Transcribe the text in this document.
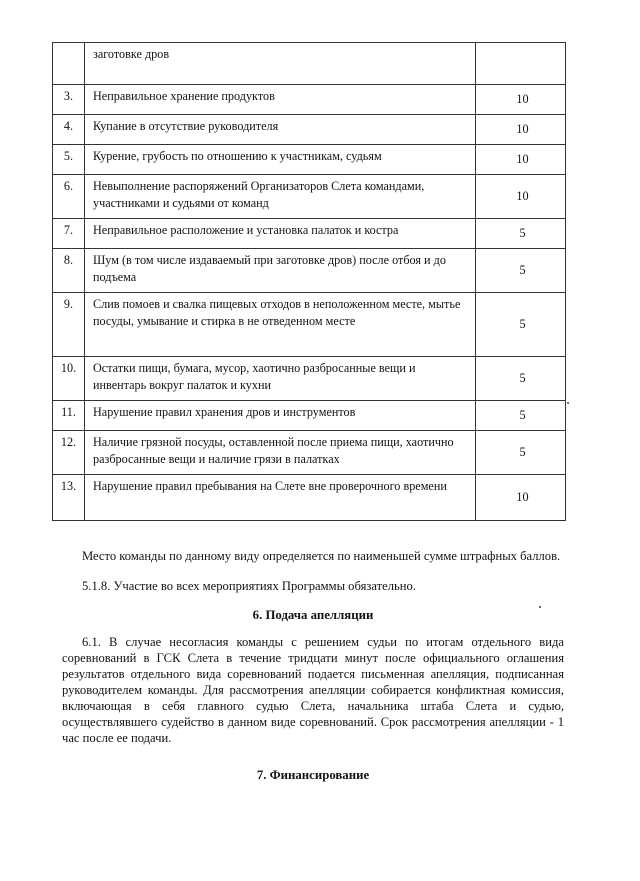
	заготовке дров	
3.	Неправильное хранение продуктов	10
4.	Купание в отсутствие руководителя	10
5.	Курение, грубость по отношению к участникам, судьям	10
6.	Невыполнение распоряжений Организаторов Слета командами, участниками и судьями от команд	10
7.	Неправильное расположение и установка палаток и костра	5
8.	Шум (в том числе издаваемый при заготовке дров) после отбоя и до подъема	5
9.	Слив помоев и свалка пищевых отходов в неположенном месте, мытье посуды, умывание и стирка в не отведенном месте	5
10.	Остатки пищи, бумага, мусор, хаотично разбросанные вещи и инвентарь вокруг палаток и кухни	5
11.	Нарушение правил хранения дров и инструментов	5
12.	Наличие грязной посуды, оставленной после приема пищи, хаотично разбросанные вещи и наличие грязи в палатках	5
13.	Нарушение правил пребывания на Слете вне проверочного времени	10

Место команды по данному виду определяется по наименьшей сумме штрафных баллов.

5.1.8. Участие во всех мероприятиях Программы обязательно.

6. Подача апелляции

6.1. В случае несогласия команды с решением судьи по итогам отдельного вида соревнований в ГСК Слета в течение тридцати минут после официального оглашения результатов отдельного вида соревнований подается письменная апелляция, подписанная руководителем команды. Для рассмотрения апелляции собирается конфликтная комиссия, включающая в себя главного судью Слета, начальника штаба Слета и судью, осуществлявшего судейство в данном виде соревнований. Срок рассмотрения апелляции - 1 час после ее подачи.

7. Финансирование
